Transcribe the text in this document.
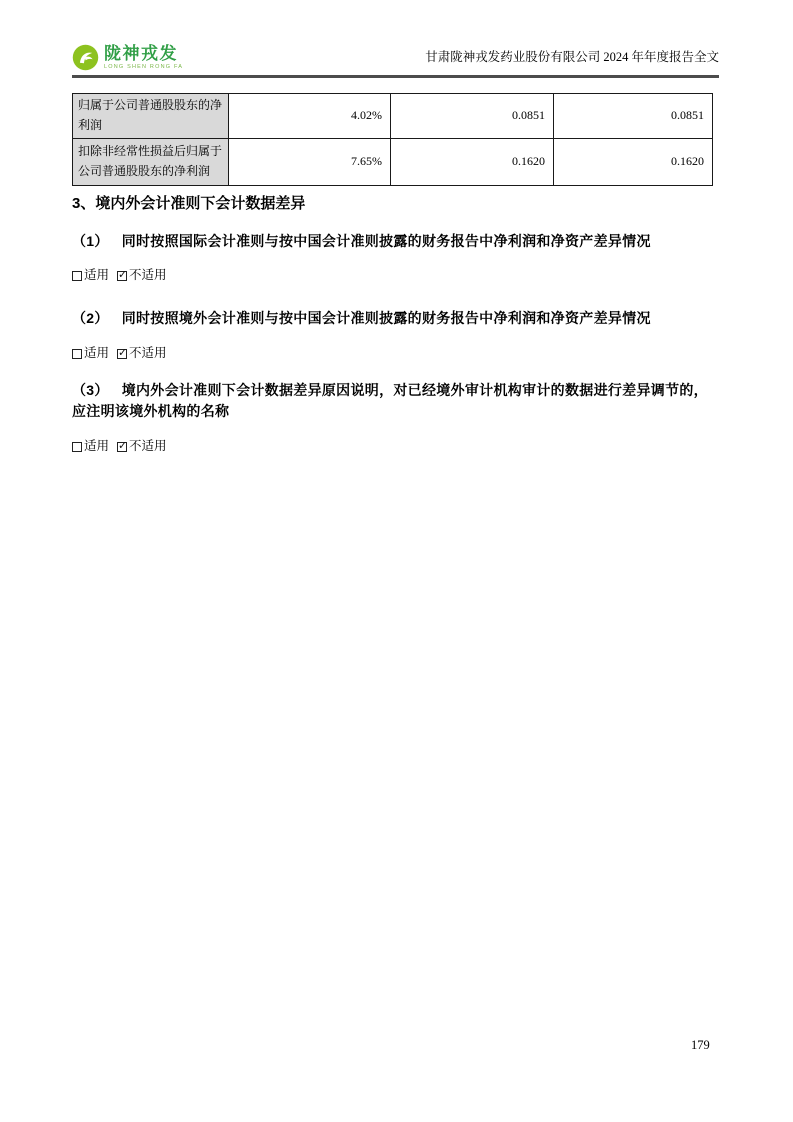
陇神戎发
LONG SHEN RONG FA
甘肃陇神戎发药业股份有限公司 2024 年年度报告全文
归属于公司普通股股东的净利润	4.02%	0.0851	0.0851
扣除非经常性损益后归属于公司普通股股东的净利润	7.65%	0.1620	0.1620
3、境内外会计准则下会计数据差异
（1） 同时按照国际会计准则与按中国会计准则披露的财务报告中净利润和净资产差异情况
适用 ✓ 不适用
（2） 同时按照境外会计准则与按中国会计准则披露的财务报告中净利润和净资产差异情况
适用 ✓ 不适用
（3） 境内外会计准则下会计数据差异原因说明，对已经境外审计机构审计的数据进行差异调节的，应注明该境外机构的名称
适用 ✓ 不适用
179
